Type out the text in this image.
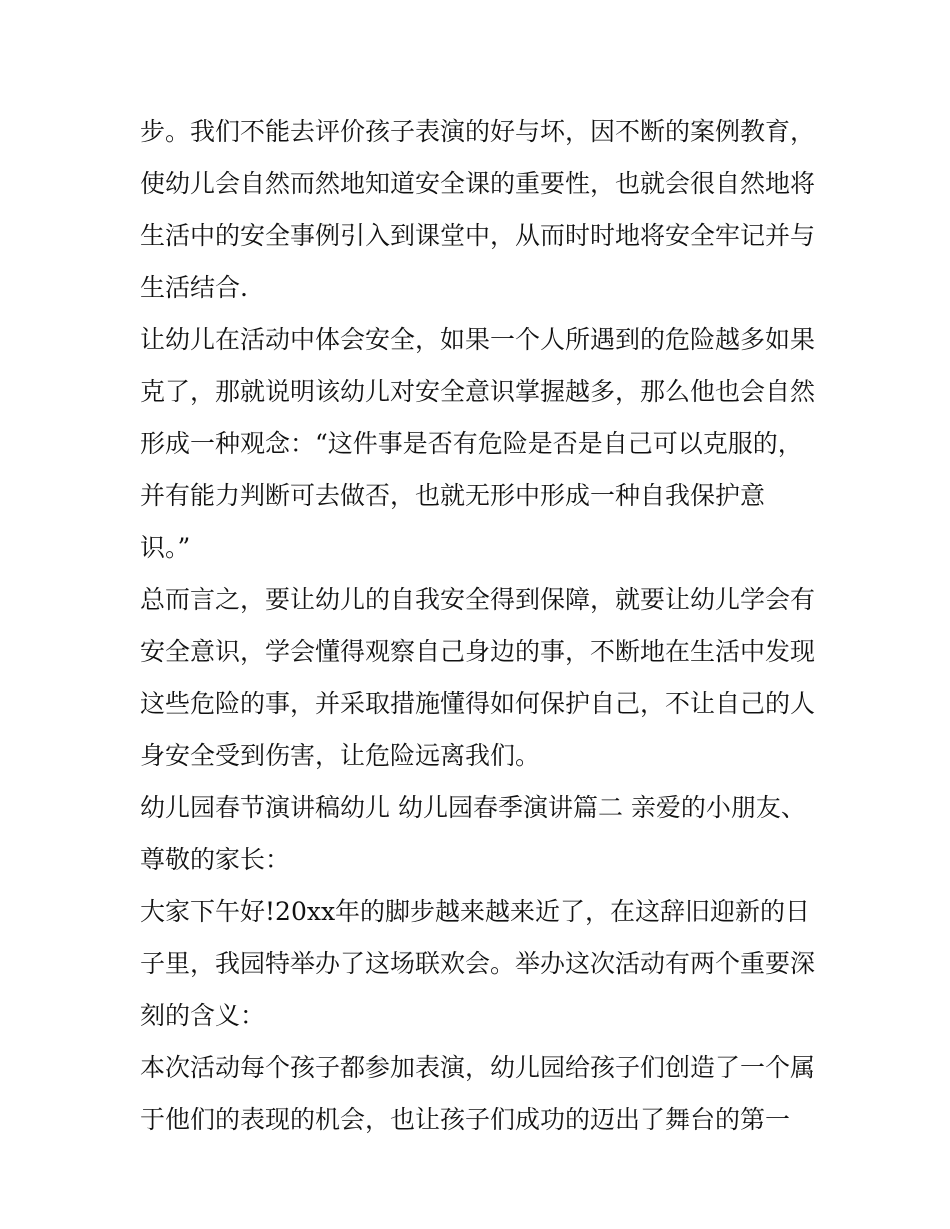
步。我们不能去评价孩子表演的好与坏，因不断的案例教育，
使幼儿会自然而然地知道安全课的重要性，也就会很自然地将
生活中的安全事例引入到课堂中，从而时时地将安全牢记并与
生活结合.
让幼儿在活动中体会安全，如果一个人所遇到的危险越多如果
克了，那就说明该幼儿对安全意识掌握越多，那么他也会自然
形成一种观念：“这件事是否有危险是否是自己可以克服的，
并有能力判断可去做否，也就无形中形成一种自我保护意
识。”
总而言之，要让幼儿的自我安全得到保障，就要让幼儿学会有
安全意识，学会懂得观察自己身边的事，不断地在生活中发现
这些危险的事，并采取措施懂得如何保护自己，不让自己的人
身安全受到伤害，让危险远离我们。
幼儿园春节演讲稿幼儿 幼儿园春季演讲篇二 亲爱的小朋友、
尊敬的家长：
大家下午好!20xx年的脚步越来越来近了，在这辞旧迎新的日
子里，我园特举办了这场联欢会。举办这次活动有两个重要深
刻的含义：
本次活动每个孩子都参加表演，幼儿园给孩子们创造了一个属
于他们的表现的机会，也让孩子们成功的迈出了舞台的第一
